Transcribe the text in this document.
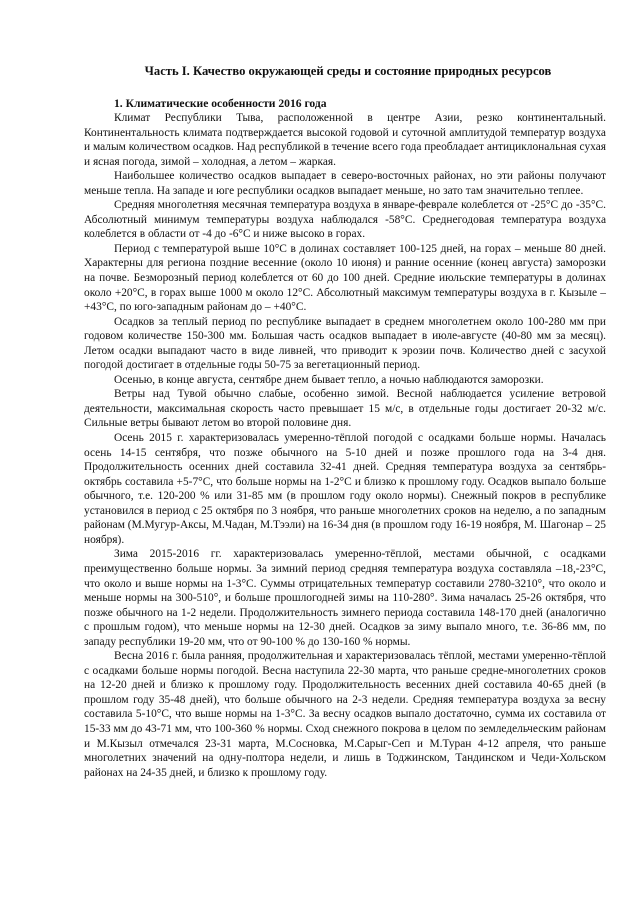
Часть I. Качество окружающей среды и состояние природных ресурсов
1. Климатические особенности 2016 года

Климат Республики Тыва, расположенной в центре Азии, резко континентальный. Континентальность климата подтверждается высокой годовой и суточной амплитудой температур воздуха и малым количеством осадков. Над республикой в течение всего года преобладает антициклональная сухая и ясная погода, зимой – холодная, а летом – жаркая.

Наибольшее количество осадков выпадает в северо-восточных районах, но эти районы получают меньше тепла. На западе и юге республики осадков выпадает меньше, но зато там значительно теплее.

Средняя многолетняя месячная температура воздуха в январе-феврале колеблется от -25°С до -35°С. Абсолютный минимум температуры воздуха наблюдался -58°С. Среднегодовая температура воздуха колеблется в области от -4 до -6°С и ниже высоко в горах.

Период с температурой выше 10°С в долинах составляет 100-125 дней, на горах – меньше 80 дней. Характерны для региона поздние весенние (около 10 июня) и ранние осенние (конец августа) заморозки на почве. Безморозный период колеблется от 60 до 100 дней. Средние июльские температуры в долинах около +20°С, в горах выше 1000 м около 12°С. Абсолютный максимум температуры воздуха в г. Кызыле – +43°С, по юго-западным районам до – +40°С.

Осадков за теплый период по республике выпадает в среднем многолетнем около 100-280 мм при годовом количестве 150-300 мм. Большая часть осадков выпадает в июле-августе (40-80 мм за месяц). Летом осадки выпадают часто в виде ливней, что приводит к эрозии почв. Количество дней с засухой погодой достигает в отдельные годы 50-75 за вегетационный период.

Осенью, в конце августа, сентябре днем бывает тепло, а ночью наблюдаются заморозки.

Ветры над Тувой обычно слабые, особенно зимой. Весной наблюдается усиление ветровой деятельности, максимальная скорость часто превышает 15 м/с, в отдельные годы достигает 20-32 м/с. Сильные ветры бывают летом во второй половине дня.

Осень 2015 г. характеризовалась умеренно-тёплой погодой с осадками больше нормы. Началась осень 14-15 сентября, что позже обычного на 5-10 дней и позже прошлого года на 3-4 дня. Продолжительность осенних дней составила 32-41 дней. Средняя температура воздуха за сентябрь-октябрь составила +5-7°С, что больше нормы на 1-2°С и близко к прошлому году. Осадков выпало больше обычного, т.е. 120-200 % или 31-85 мм (в прошлом году около нормы). Снежный покров в республике установился в период с 25 октября по 3 ноября, что раньше многолетних сроков на неделю, а по западным районам (М.Мугур-Аксы, М.Чадан, М.Тээли) на 16-34 дня (в прошлом году 16-19 ноября, М. Шагонар – 25 ноября).

Зима 2015-2016 гг. характеризовалась умеренно-тёплой, местами обычной, с осадками преимущественно больше нормы. За зимний период средняя температура воздуха составляла –18,-23°С, что около и выше нормы на 1-3°С. Суммы отрицательных температур составили 2780-3210°, что около и меньше нормы на 300-510°, и больше прошлогодней зимы на 110-280°. Зима началась 25-26 октября, что позже обычного на 1-2 недели. Продолжительность зимнего периода составила 148-170 дней (аналогично с прошлым годом), что меньше нормы на 12-30 дней. Осадков за зиму выпало много, т.е. 36-86 мм, по западу республики 19-20 мм, что от 90-100 % до 130-160 % нормы.

Весна 2016 г. была ранняя, продолжительная и характеризовалась тёплой, местами умеренно-тёплой с осадками больше нормы погодой. Весна наступила 22-30 марта, что раньше средне-многолетних сроков на 12-20 дней и близко к прошлому году. Продолжительность весенних дней составила 40-65 дней (в прошлом году 35-48 дней), что больше обычного на 2-3 недели. Средняя температура воздуха за весну составила 5-10°С, что выше нормы на 1-3°С. За весну осадков выпало достаточно, сумма их составила от 15-33 мм до 43-71 мм, что 100-360 % нормы. Сход снежного покрова в целом по земледельческим районам и М.Кызыл отмечался 23-31 марта, М.Сосновка, М.Сарыг-Сеп и М.Туран 4-12 апреля, что раньше многолетних значений на одну-полтора недели, и лишь в Тоджинском, Тандинском и Чеди-Хольском районах на 24-35 дней, и близко к прошлому году.
